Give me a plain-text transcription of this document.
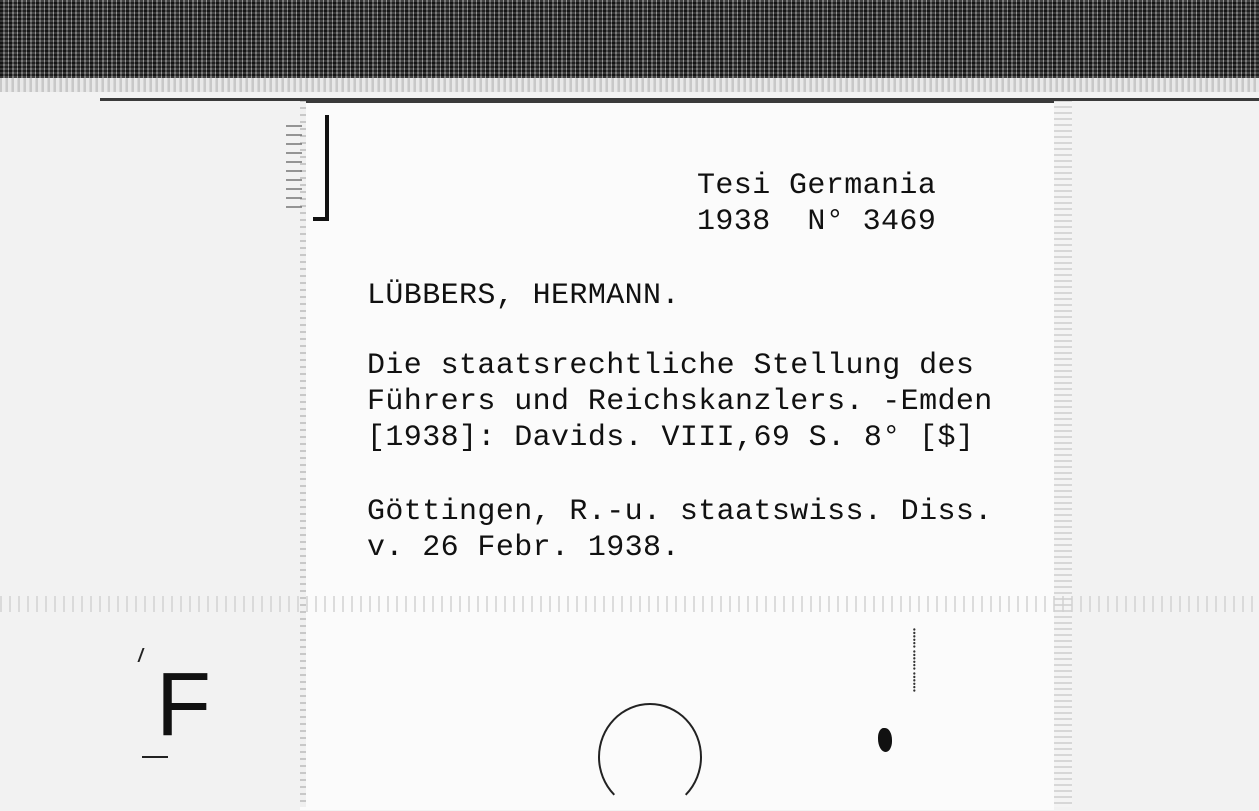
Tesi Germania
1938  N° 3469
LÜBBERS, HERMANN.
Die staatsrechtliche Stellung des
Führers und Reichskanzlers. -Emden
[1938]: Davids. VIII,69 S. 8° [$]
Göttingen, R.-u. staatswiss. Diss.
v. 26 Febr. 1938.
F
⸽
⸽
⸽
